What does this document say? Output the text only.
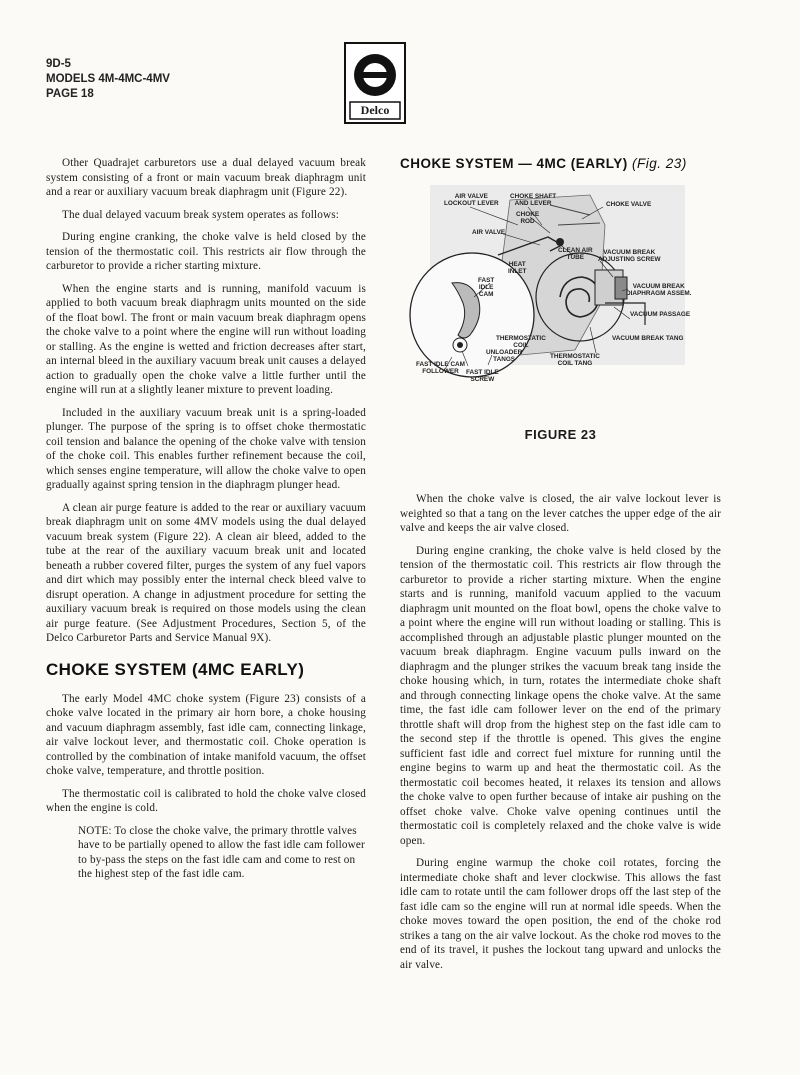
9D-5
MODELS 4M-4MC-4MV
PAGE 18
Delco

Other Quadrajet carburetors use a dual delayed vacuum break system consisting of a front or main vacuum break diaphragm unit and a rear or auxiliary vacuum break diaphragm unit (Figure 22).

The dual delayed vacuum break system operates as follows:

During engine cranking, the choke valve is held closed by the tension of the thermostatic coil. This restricts air flow through the carburetor to provide a richer starting mixture.

When the engine starts and is running, manifold vacuum is applied to both vacuum break diaphragm units mounted on the side of the float bowl. The front or main vacuum break diaphragm opens the choke valve to a point where the engine will run without loading or stalling. As the engine is wetted and friction decreases after start, an internal bleed in the auxiliary vacuum break unit causes a delayed action to gradually open the choke valve a little further until the engine will run at a slightly leaner mixture to prevent loading.

Included in the auxiliary vacuum break unit is a spring-loaded plunger. The purpose of the spring is to offset choke thermostatic coil tension and balance the opening of the choke valve with tension of the choke coil. This enables further refinement because the coil, which senses engine temperature, will allow the choke valve to open gradually against spring tension in the diaphragm plunger head.

A clean air purge feature is added to the rear or auxiliary vacuum break diaphragm unit on some 4MV models using the dual delayed vacuum break system (Figure 22). A clean air bleed, added to the tube at the rear of the auxiliary vacuum break unit and located beneath a rubber covered filter, purges the system of any fuel vapors and dirt which may possibly enter the internal check bleed valve to disrupt operation. A change in adjustment procedure for setting the auxiliary vacuum break is required on those models using the clean air purge feature. (See Adjustment Procedures, Section 5, of the Delco Carburetor Parts and Service Manual 9X).

CHOKE SYSTEM (4MC EARLY)

The early Model 4MC choke system (Figure 23) consists of a choke valve located in the primary air horn bore, a choke housing and vacuum diaphragm assembly, fast idle cam, connecting linkage, air valve lockout lever, and thermostatic coil. Choke operation is controlled by the combination of intake manifold vacuum, the offset choke valve, temperature, and throttle position.

The thermostatic coil is calibrated to hold the choke valve closed when the engine is cold.

NOTE: To close the choke valve, the primary throttle valves have to be partially opened to allow the fast idle cam follower to by-pass the steps on the fast idle cam and come to rest on the highest step of the fast idle cam.

CHOKE SYSTEM — 4MC (EARLY) (Fig. 23)
AIR VALVE
LOCKOUT LEVER
CHOKE SHAFT
AND LEVER	CHOKE VALVE
CHOKE
ROD
AIR VALVE
CLEAN AIR
TUBE
VACUUM BREAK
ADJUSTING SCREW
HEAT
INLET
FAST
IDLE
CAM
VACUUM BREAK
DIAPHRAGM ASSEM.
VACUUM PASSAGE
THERMOSTATIC
COIL
VACUUM BREAK TANG
UNLOADER
TANGS	THERMOSTATIC
COIL TANG
FAST IDLE CAM
FOLLOWER	FAST IDLE
SCREW
FIGURE 23

When the choke valve is closed, the air valve lockout lever is weighted so that a tang on the lever catches the upper edge of the air valve and keeps the air valve closed.

During engine cranking, the choke valve is held closed by the tension of the thermostatic coil. This restricts air flow through the carburetor to provide a richer starting mixture. When the engine starts and is running, manifold vacuum applied to the vacuum diaphragm unit mounted on the float bowl, opens the choke valve to a point where the engine will run without loading or stalling. This is accomplished through an adjustable plastic plunger mounted on the vacuum break diaphragm. Engine vacuum pulls inward on the diaphragm and the plunger strikes the vacuum break tang inside the choke housing which, in turn, rotates the intermediate choke shaft and through connecting linkage opens the choke valve. At the same time, the fast idle cam follower lever on the end of the primary throttle shaft will drop from the highest step on the fast idle cam to the second step if the throttle is opened. This gives the engine sufficient fast idle and correct fuel mixture for running until the engine begins to warm up and heat the thermostatic coil. As the thermostatic coil becomes heated, it relaxes its tension and allows the choke valve to open further because of intake air pushing on the offset choke valve. Choke valve opening continues until the thermostatic coil is completely relaxed and the choke valve is wide open.

During engine warmup the choke coil rotates, forcing the intermediate choke shaft and lever clockwise. This allows the fast idle cam to rotate until the cam follower drops off the last step of the fast idle cam so the engine will run at normal idle speeds. When the choke moves toward the open position, the end of the choke rod strikes a tang on the air valve lockout. As the choke rod moves to the end of its travel, it pushes the lockout tang upward and unlocks the air valve.
